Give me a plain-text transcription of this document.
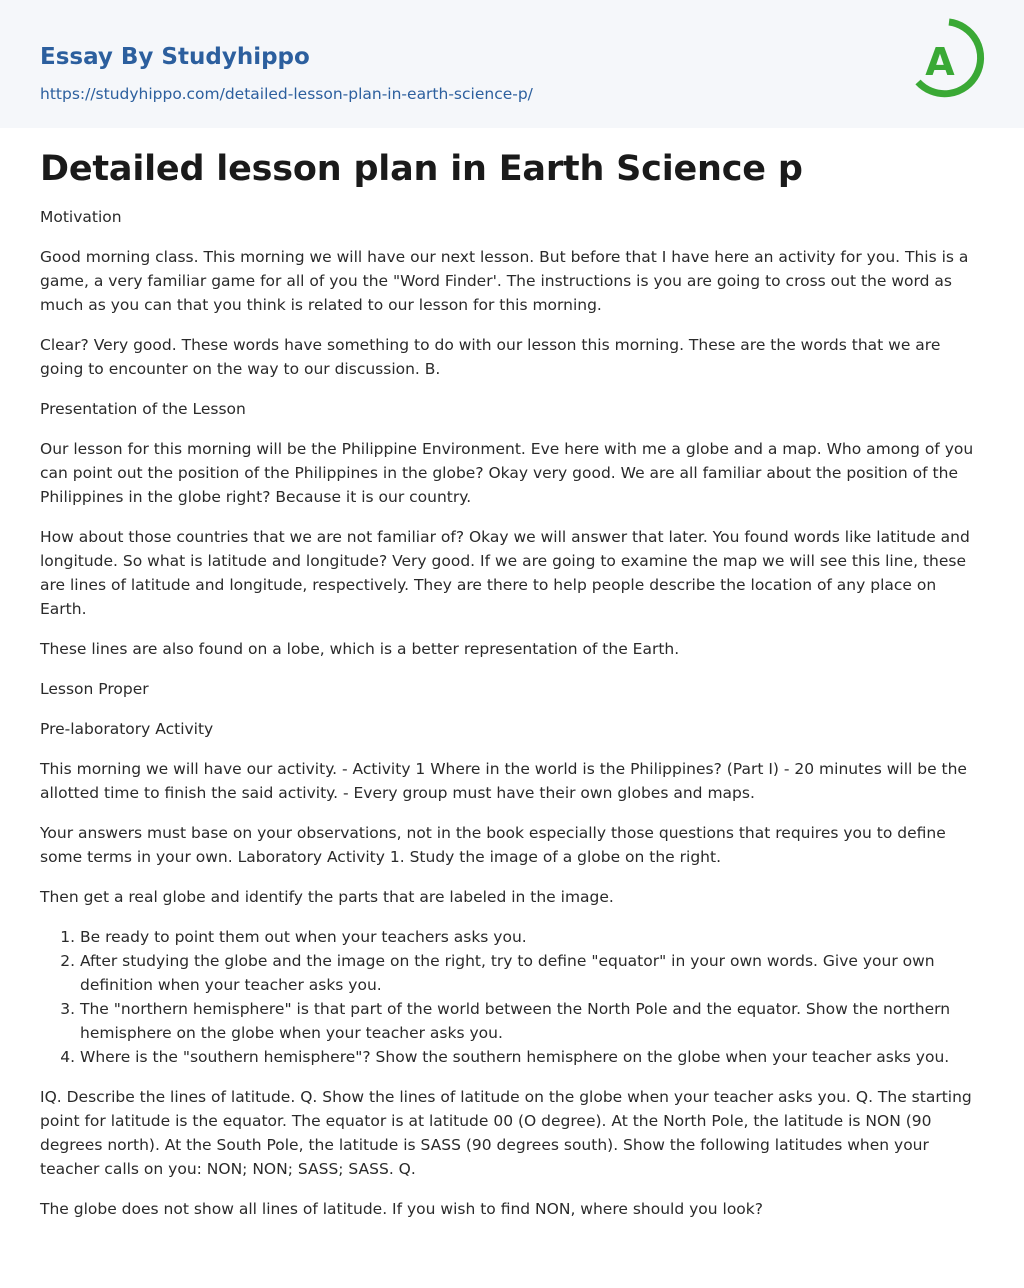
Essay By Studyhippo
https://studyhippo.com/detailed-lesson-plan-in-earth-science-p/
A
Detailed lesson plan in Earth Science p

Motivation

Good morning class. This morning we will have our next lesson. But before that I have here an activity for you. This is a game, a very familiar game for all of you the "Word Finder'. The instructions is you are going to cross out the word as much as you can that you think is related to our lesson for this morning.

Clear? Very good. These words have something to do with our lesson this morning. These are the words that we are going to encounter on the way to our discussion. B.

Presentation of the Lesson

Our lesson for this morning will be the Philippine Environment. Eve here with me a globe and a map. Who among of you can point out the position of the Philippines in the globe? Okay very good. We are all familiar about the position of the Philippines in the globe right? Because it is our country.

How about those countries that we are not familiar of? Okay we will answer that later. You found words like latitude and longitude. So what is latitude and longitude? Very good. If we are going to examine the map we will see this line, these are lines of latitude and longitude, respectively. They are there to help people describe the location of any place on Earth.

These lines are also found on a lobe, which is a better representation of the Earth.

Lesson Proper

Pre-laboratory Activity

This morning we will have our activity. - Activity 1 Where in the world is the Philippines? (Part I) - 20 minutes will be the allotted time to finish the said activity. - Every group must have their own globes and maps.

Your answers must base on your observations, not in the book especially those questions that requires you to define some terms in your own. Laboratory Activity 1. Study the image of a globe on the right.

Then get a real globe and identify the parts that are labeled in the image.

1. Be ready to point them out when your teachers asks you.
2. After studying the globe and the image on the right, try to define "equator" in your own words. Give your own definition when your teacher asks you.
3. The "northern hemisphere" is that part of the world between the North Pole and the equator. Show the northern hemisphere on the globe when your teacher asks you.
4. Where is the "southern hemisphere"? Show the southern hemisphere on the globe when your teacher asks you.

IQ. Describe the lines of latitude. Q. Show the lines of latitude on the globe when your teacher asks you. Q. The starting point for latitude is the equator. The equator is at latitude 00 (O degree). At the North Pole, the latitude is NON (90 degrees north). At the South Pole, the latitude is SASS (90 degrees south). Show the following latitudes when your teacher calls on you: NON; NON; SASS; SASS. Q.

The globe does not show all lines of latitude. If you wish to find NON, where should you look?
